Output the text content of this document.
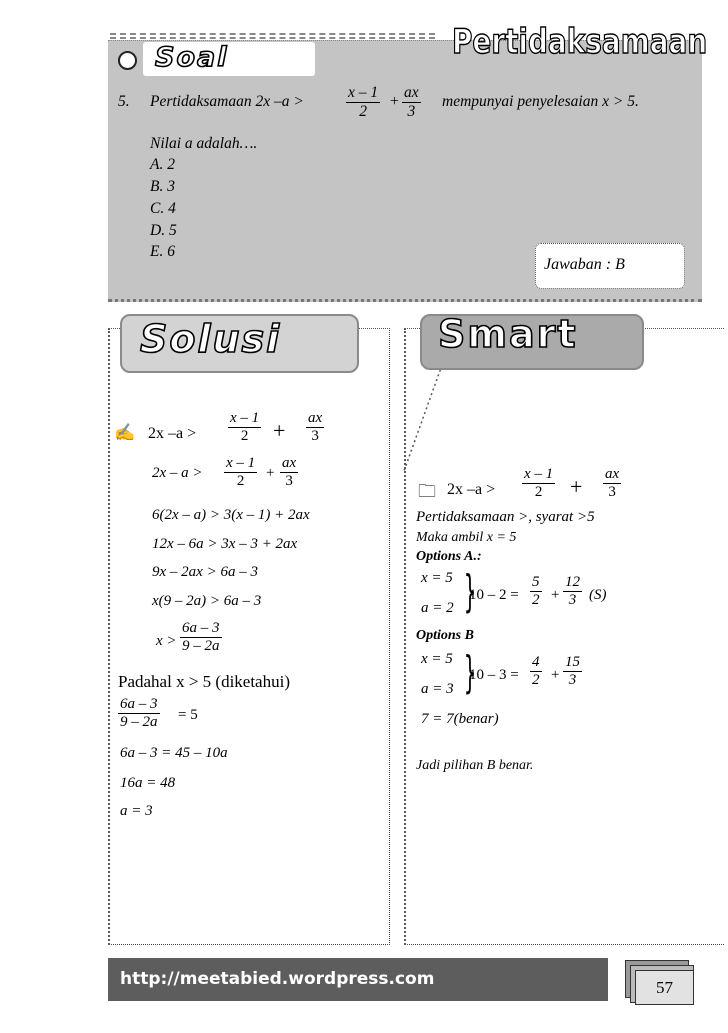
Soal	Pertidaksamaan
5. Pertidaksamaan 2x –a >	$\frac{x - 1}{2} + \frac{ax}{3}$ mempunyai penyelesaian x > 5.
Nilai a adalah….
A. 2
B. 3
C. 4
D. 5
E. 6
Jawaban : B
Solusi	Smart
✍ 2x $-a > \frac{x - 1}{2} + \frac{ax}{3}$
$2x - a > \frac{x - 1}{2} + \frac{ax}{3}$
6(2x – a) > 3(x – 1) + 2ax
12x – 6a > 3x – 3 + 2ax
9x – 2ax > 6a – 3
x(9 – 2a) > 6a – 3
$x > \frac{6a - 3}{9 - 2a}$
Padahal x > 5 (diketahui)
$\frac{6a - 3}{9 - 2a} = 5$
6a – 3 = 45 – 10a
16a = 48
a = 3
🗀 2x $-a > \frac{x - 1}{2} + \frac{ax}{3}$
Pertidaksamaan >, syarat >5
Maka ambil x = 5
Options A.:
x = 5
a = 2 }
$10 - 2 = \frac{5}{2} + \frac{12}{3} (S)$
Options B
x = 5
a = 3 }
$10 - 3 = \frac{4}{2} + \frac{15}{3}$
7 = 7(benar)
Jadi pilihan B benar.
http://meetabied.wordpress.com	57
